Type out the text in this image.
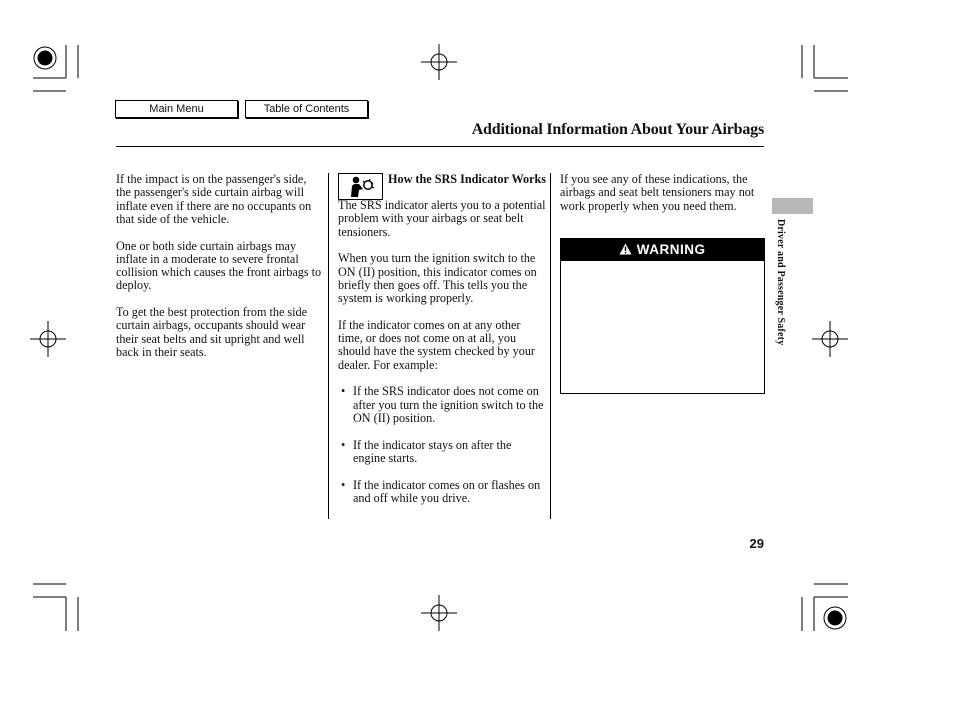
Main Menu	Table of Contents
Additional Information About Your Airbags

If the impact is on the passenger's side, the passenger's side curtain airbag will inflate even if there are no occupants on that side of the vehicle.

One or both side curtain airbags may inflate in a moderate to severe frontal collision which causes the front airbags to deploy.

To get the best protection from the side curtain airbags, occupants should wear their seat belts and sit upright and well back in their seats.

How the SRS Indicator Works

The SRS indicator alerts you to a potential problem with your airbags or seat belt tensioners.

When you turn the ignition switch to the ON (II) position, this indicator comes on briefly then goes off. This tells you the system is working properly.

If the indicator comes on at any other time, or does not come on at all, you should have the system checked by your dealer. For example:

• If the SRS indicator does not come on after you turn the ignition switch to the ON (II) position.
• If the indicator stays on after the engine starts.
• If the indicator comes on or flashes on and off while you drive.

If you see any of these indications, the airbags and seat belt tensioners may not work properly when you need them.

WARNING	Driver and Passenger Safety
29
